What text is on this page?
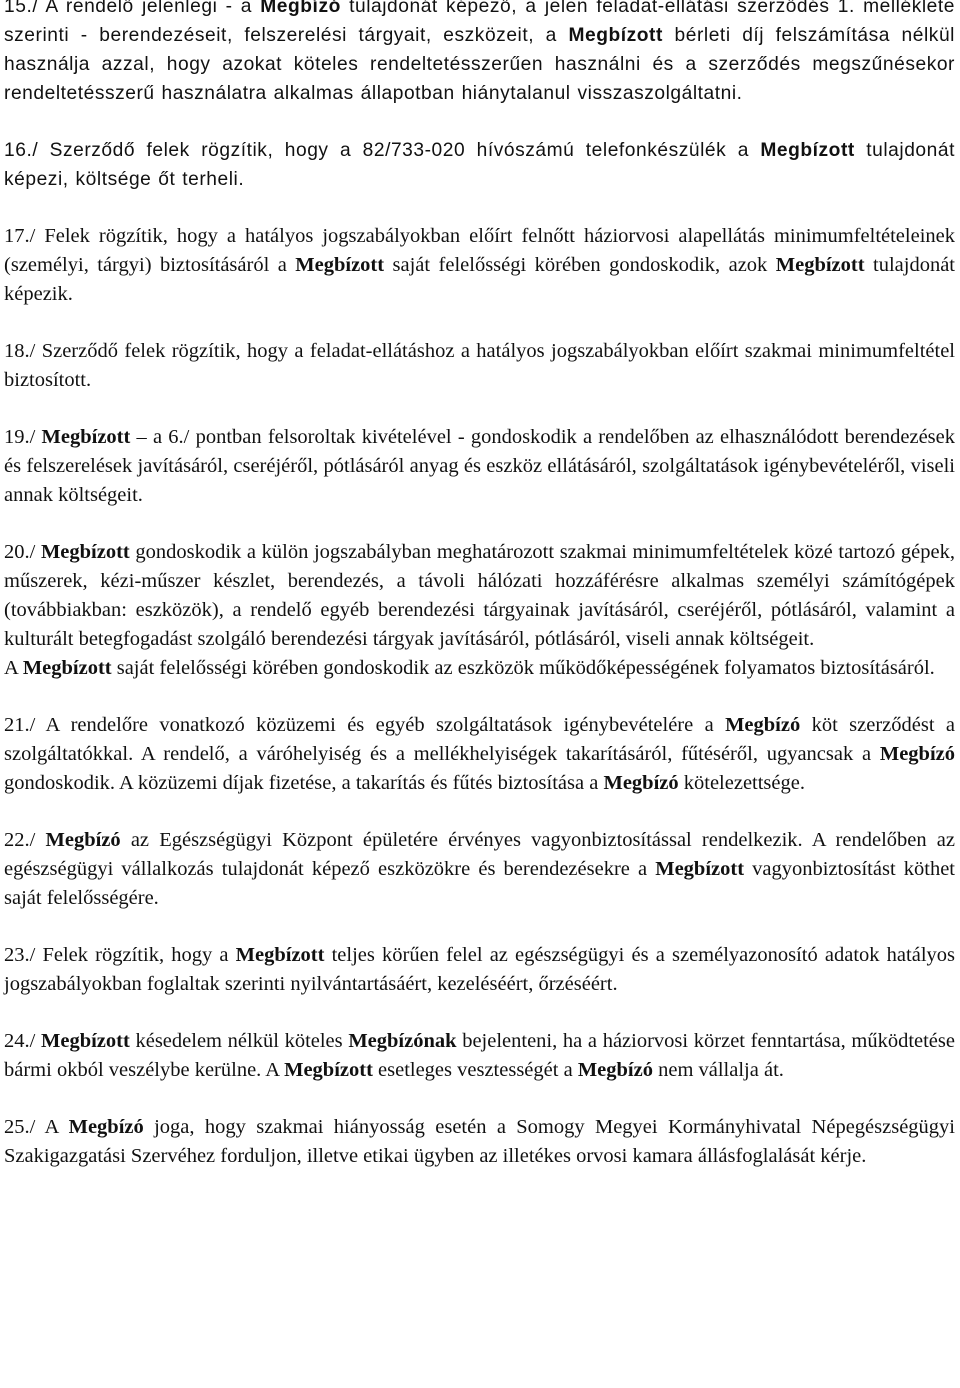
15./ A rendelő jelenlegi - a Megbízó tulajdonát képező, a jelen feladat-ellátási szerződés 1. melléklete szerinti - berendezéseit, felszerelési tárgyait, eszközeit, a Megbízott bérleti díj felszámítása nélkül használja azzal, hogy azokat köteles rendeltetésszerűen használni és a szerződés megszűnésekor rendeltetésszerű használatra alkalmas állapotban hiánytalanul visszaszolgáltatni.

16./ Szerződő felek rögzítik, hogy a 82/733-020 hívószámú telefonkészülék a Megbízott tulajdonát képezi, költsége őt terheli.

17./ Felek rögzítik, hogy a hatályos jogszabályokban előírt felnőtt háziorvosi alapellátás minimumfeltételeinek (személyi, tárgyi) biztosításáról a Megbízott saját felelősségi körében gondoskodik, azok Megbízott tulajdonát képezik.

18./ Szerződő felek rögzítik, hogy a feladat-ellátáshoz a hatályos jogszabályokban előírt szakmai minimumfeltétel biztosított.

19./ Megbízott – a 6./ pontban felsoroltak kivételével - gondoskodik a rendelőben az elhasználódott berendezések és felszerelések javításáról, cseréjéről, pótlásáról anyag és eszköz ellátásáról, szolgáltatások igénybevételéről, viseli annak költségeit.

20./ Megbízott gondoskodik a külön jogszabályban meghatározott szakmai minimumfeltételek közé tartozó gépek, műszerek, kézi-műszer készlet, berendezés, a távoli hálózati hozzáférésre alkalmas személyi számítógépek (továbbiakban: eszközök), a rendelő egyéb berendezési tárgyainak javításáról, cseréjéről, pótlásáról, valamint a kulturált betegfogadást szolgáló berendezési tárgyak javításáról, pótlásáról, viseli annak költségeit.

A Megbízott saját felelősségi körében gondoskodik az eszközök működőképességének folyamatos biztosításáról.

21./ A rendelőre vonatkozó közüzemi és egyéb szolgáltatások igénybevételére a Megbízó köt szerződést a szolgáltatókkal. A rendelő, a váróhelyiség és a mellékhelyiségek takarításáról, fűtéséről, ugyancsak a Megbízó gondoskodik. A közüzemi díjak fizetése, a takarítás és fűtés biztosítása a Megbízó kötelezettsége.

22./ Megbízó az Egészségügyi Központ épületére érvényes vagyonbiztosítással rendelkezik. A rendelőben az egészségügyi vállalkozás tulajdonát képező eszközökre és berendezésekre a Megbízott vagyonbiztosítást köthet saját felelősségére.

23./ Felek rögzítik, hogy a Megbízott teljes körűen felel az egészségügyi és a személyazonosító adatok hatályos jogszabályokban foglaltak szerinti nyilvántartásáért, kezeléséért, őrzéséért.

24./ Megbízott késedelem nélkül köteles Megbízónak bejelenteni, ha a háziorvosi körzet fenntartása, működtetése bármi okból veszélybe kerülne. A Megbízott esetleges vesztességét a Megbízó nem vállalja át.

25./ A Megbízó joga, hogy szakmai hiányosság esetén a Somogy Megyei Kormányhivatal Népegészségügyi Szakigazgatási Szervéhez forduljon, illetve etikai ügyben az illetékes orvosi kamara állásfoglalását kérje.
